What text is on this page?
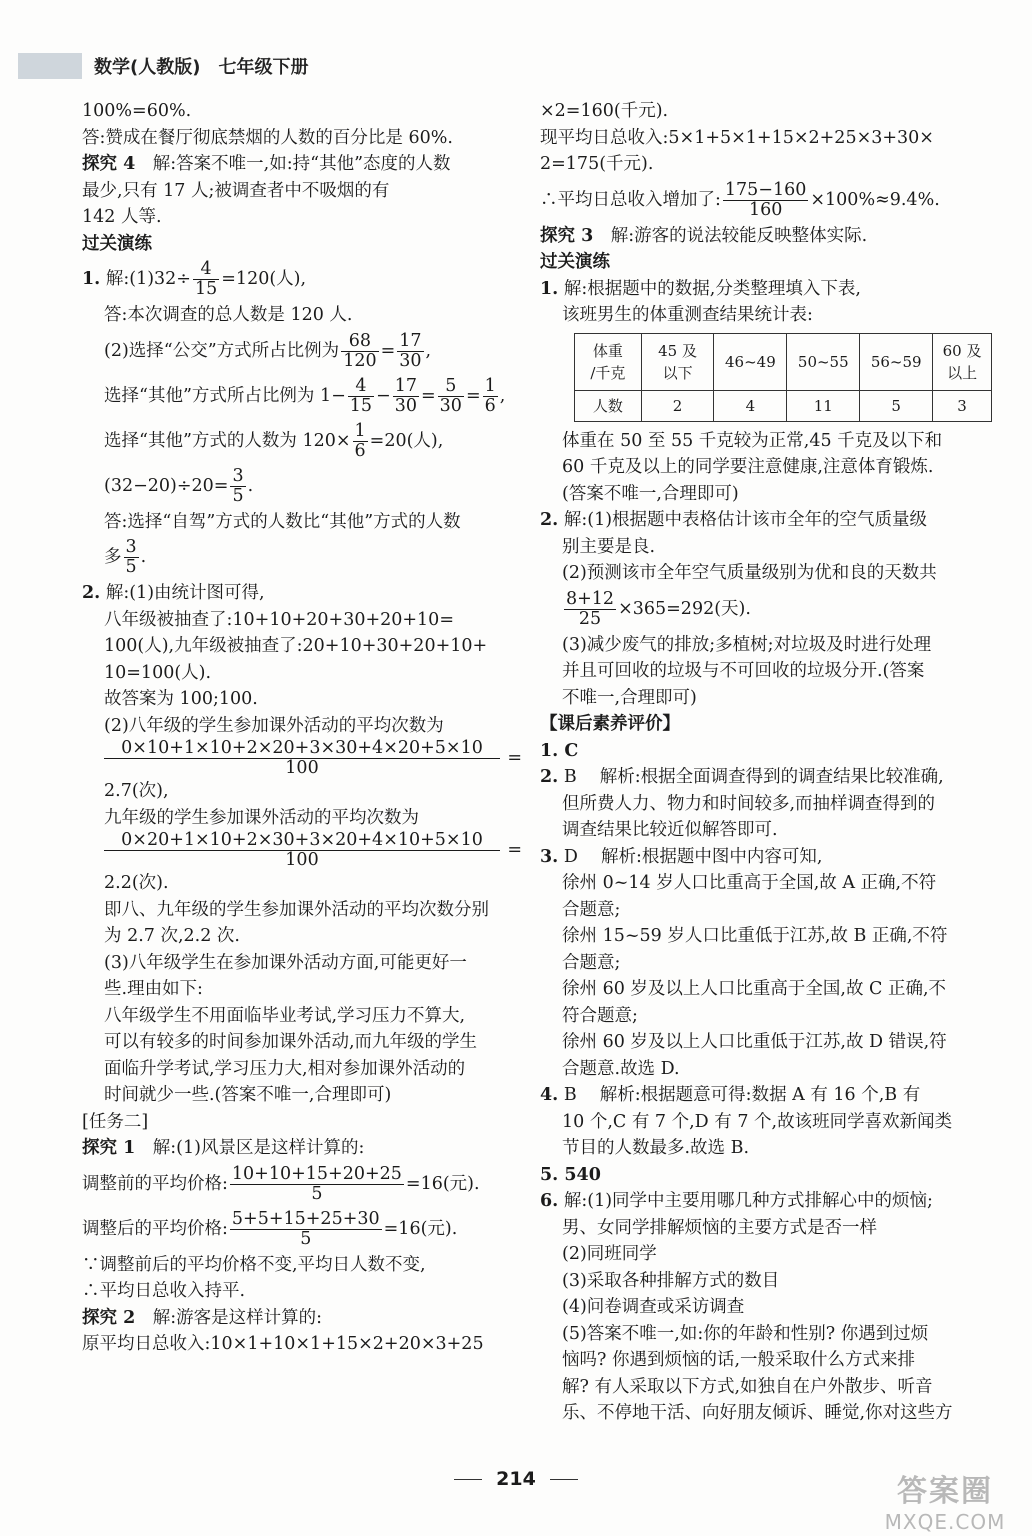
数学(人教版)　七年级下册

100%=60%.

答:赞成在餐厅彻底禁烟的人数的百分比是 60%.

探究 4　 解:答案不唯一,如:持“其他”态度的人数

最少,只有 17 人;被调查者中不吸烟的有

142 人等.

过关演练

1. 解:(1)32÷ $\frac{4}{15} =120$(人),

答:本次调查的总人数是 120 人.

(2)选择“公交”方式所占比例为 $\frac{68}{120} = \frac{17}{30}$ ,

选择“其他”方式所占比例为 $1- \frac{4}{15} - \frac{17}{30} = \frac{5}{30} = \frac{1}{6}$ ,

选择“其他”方式的人数为 $120\times \frac{1}{6} =20$(人),

$(32-20)\div 20= \frac{3}{5}$ .

答:选择“自驾”方式的人数比“其他”方式的人数

多 $\frac{3}{5}$ .

2. 解:(1)由统计图可得,

八年级被抽查了:10+10+20+30+20+10=

100(人),九年级被抽查了:20+10+30+20+10+

10=100(人).

故答案为 100;100.

(2)八年级的学生参加课外活动的平均次数为

$\frac{0\times 10+1\times 10+2\times 20+3\times 30+4\times 20+5\times 10}{100}$ =

2.7(次),

九年级的学生参加课外活动的平均次数为

$\frac{0\times 20+1\times 10+2\times 30+3\times 20+4\times 10+5\times 10}{100}$ =

2.2(次).

即八、九年级的学生参加课外活动的平均次数分别

为 2.7 次,2.2 次.

(3)八年级学生在参加课外活动方面,可能更好一

些.理由如下:

八年级学生不用面临毕业考试,学习压力不算大,

可以有较多的时间参加课外活动,而九年级的学生

面临升学考试,学习压力大,相对参加课外活动的

时间就少一些.(答案不唯一,合理即可)

[任务二]

探究 1　 解:(1)风景区是这样计算的:

调整前的平均价格: $\frac{10+10+15+20+25}{5} =16$(元).

调整后的平均价格: $\frac{5+5+15+25+30}{5} =16$(元).

∵调整前后的平均价格不变,平均日人数不变,

∴平均日总收入持平.

探究 2　 解:游客是这样计算的:

原平均日总收入:10×1+10×1+15×2+20×3+25

×2=160(千元).

现平均日总收入:5×1+5×1+15×2+25×3+30×

2=175(千元).

∴平均日总收入增加了: $\frac{175-160}{160} \times 100\%\approx 9.4\%$.

探究 3　 解:游客的说法较能反映整体实际.

过关演练

1. 解:根据题中的数据,分类整理填入下表,

该班男生的体重测查结果统计表:

体重
/千克	45 及
以下	46~49	50~55	56~59	60 及
以上
人数	2	4	11	5	3

体重在 50 至 55 千克较为正常,45 千克及以下和

60 千克及以上的同学要注意健康,注意体育锻炼.

(答案不唯一,合理即可)

2. 解:(1)根据题中表格估计该市全年的空气质量级

别主要是良.

(2)预测该市全年空气质量级别为优和良的天数共

$\frac{8+12}{25} \times 365=292$(天).

(3)减少废气的排放;多植树;对垃圾及时进行处理

并且可回收的垃圾与不可回收的垃圾分开.(答案

不唯一,合理即可)

【课后素养评价】

1. C

2. B　 解析:根据全面调查得到的调查结果比较准确,

但所费人力、物力和时间较多,而抽样调查得到的

调查结果比较近似解答即可.

3. D　 解析:根据题中图中内容可知,

徐州 0~14 岁人口比重高于全国,故 A 正确,不符

合题意;

徐州 15~59 岁人口比重低于江苏,故 B 正确,不符

合题意;

徐州 60 岁及以上人口比重高于全国,故 C 正确,不

符合题意;

徐州 60 岁及以上人口比重低于江苏,故 D 错误,符

合题意.故选 D.

4. B　 解析:根据题意可得:数据 A 有 16 个,B 有

10 个,C 有 7 个,D 有 7 个,故该班同学喜欢新闻类

节目的人数最多.故选 B.

5. 540

6. 解:(1)同学中主要用哪几种方式排解心中的烦恼;

男、女同学排解烦恼的主要方式是否一样

(2)同班同学

(3)采取各种排解方式的数目

(4)问卷调查或采访调查

(5)答案不唯一,如:你的年龄和性别? 你遇到过烦

恼吗? 你遇到烦恼的话,一般采取什么方式来排

解? 有人采取以下方式,如独自在户外散步、听音

乐、不停地干活、向好朋友倾诉、睡觉,你对这些方

214	答案圈
MXQE.COM
